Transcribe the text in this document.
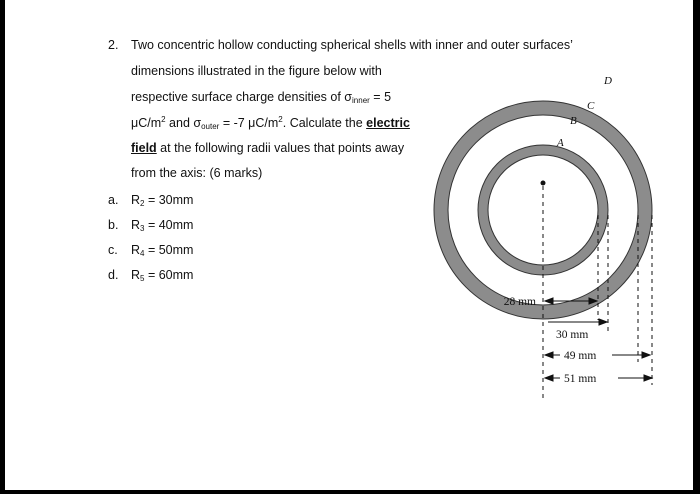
2. Two concentric hollow conducting spherical shells with inner and outer surfaces’
dimensions illustrated in the figure below with
respective surface charge densities of $\sigma_{inner} = 5$
$\mu C/m^2$ and $\sigma_{outer} = -7$ $\mu C/m^2$. Calculate the electric
field at the following radii values that points away
from the axis: (6 marks)
a. $R_2 = 30mm$
b. $R_3 = 40mm$
c. $R_4 = 50mm$
d. $R_5 = 60mm$
28 mm
30 mm
49 mm
51 mm
A
B
C
D
